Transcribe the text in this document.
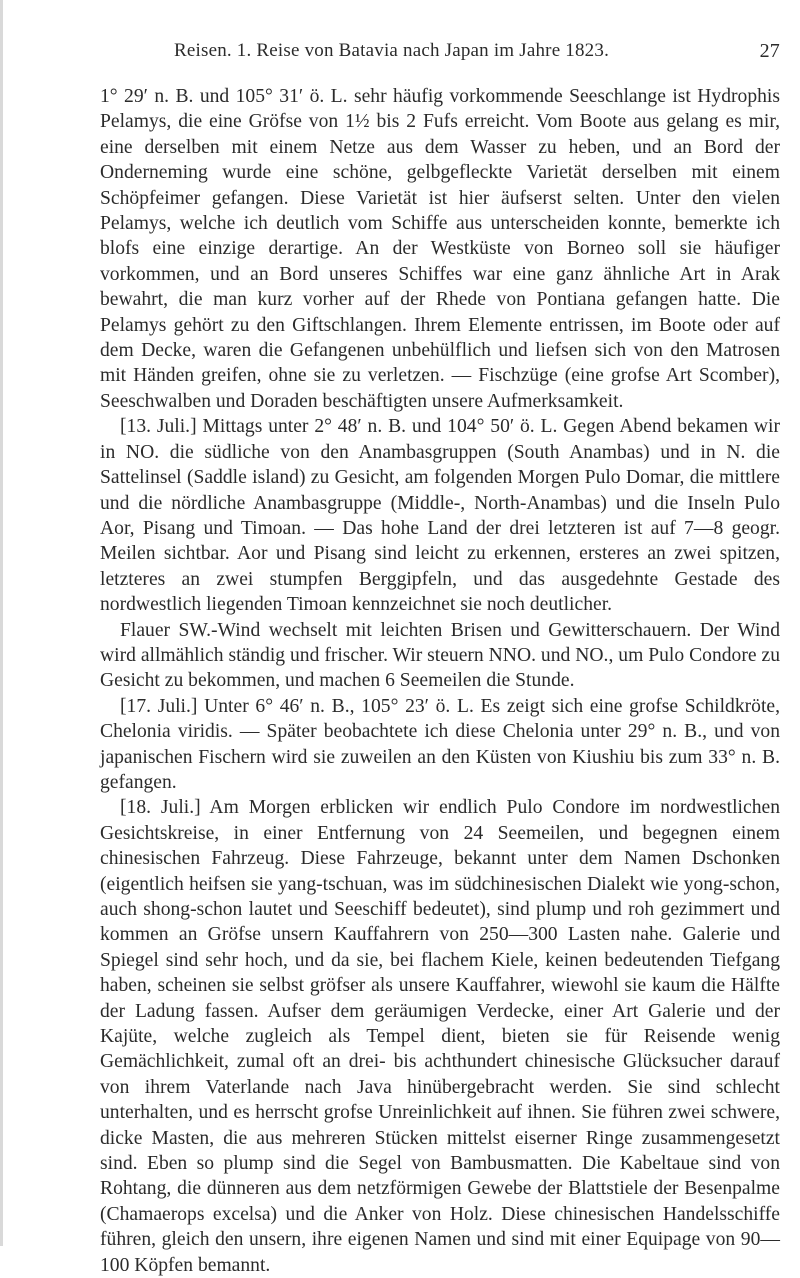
Reisen. 1. Reise von Batavia nach Japan im Jahre 1823.	27

1° 29′ n. B. und 105° 31′ ö. L. sehr häufig vorkommende Seeschlange ist Hydrophis Pelamys, die eine Gröfse von 1½ bis 2 Fufs erreicht. Vom Boote aus gelang es mir, eine derselben mit einem Netze aus dem Wasser zu heben, und an Bord der Onderneming wurde eine schöne, gelbgefleckte Varietät derselben mit einem Schöpfeimer gefangen. Diese Varietät ist hier äufserst selten. Unter den vielen Pelamys, welche ich deutlich vom Schiffe aus unterscheiden konnte, bemerkte ich blofs eine einzige derartige. An der Westküste von Borneo soll sie häufiger vorkommen, und an Bord unseres Schiffes war eine ganz ähnliche Art in Arak bewahrt, die man kurz vorher auf der Rhede von Pontiana gefangen hatte. Die Pelamys gehört zu den Giftschlangen. Ihrem Elemente entrissen, im Boote oder auf dem Decke, waren die Gefangenen unbehülflich und liefsen sich von den Matrosen mit Händen greifen, ohne sie zu verletzen. — Fischzüge (eine grofse Art Scomber), Seeschwalben und Doraden beschäftigten unsere Aufmerksamkeit.

[13. Juli.] Mittags unter 2° 48′ n. B. und 104° 50′ ö. L. Gegen Abend bekamen wir in NO. die südliche von den Anambasgruppen (South Anambas) und in N. die Sattelinsel (Saddle island) zu Gesicht, am folgenden Morgen Pulo Domar, die mittlere und die nördliche Anambasgruppe (Middle-, North-Anambas) und die Inseln Pulo Aor, Pisang und Timoan. — Das hohe Land der drei letzteren ist auf 7—8 geogr. Meilen sichtbar. Aor und Pisang sind leicht zu erkennen, ersteres an zwei spitzen, letzteres an zwei stumpfen Berggipfeln, und das ausgedehnte Gestade des nordwestlich liegenden Timoan kennzeichnet sie noch deutlicher.

Flauer SW.-Wind wechselt mit leichten Brisen und Gewitterschauern. Der Wind wird allmählich ständig und frischer. Wir steuern NNO. und NO., um Pulo Condore zu Gesicht zu bekommen, und machen 6 Seemeilen die Stunde.

[17. Juli.] Unter 6° 46′ n. B., 105° 23′ ö. L. Es zeigt sich eine grofse Schildkröte, Chelonia viridis. — Später beobachtete ich diese Chelonia unter 29° n. B., und von japanischen Fischern wird sie zuweilen an den Küsten von Kiushiu bis zum 33° n. B. gefangen.

[18. Juli.] Am Morgen erblicken wir endlich Pulo Condore im nordwestlichen Gesichtskreise, in einer Entfernung von 24 Seemeilen, und begegnen einem chinesischen Fahrzeug. Diese Fahrzeuge, bekannt unter dem Namen Dschonken (eigentlich heifsen sie yang-tschuan, was im südchinesischen Dialekt wie yong-schon, auch shong-schon lautet und Seeschiff bedeutet), sind plump und roh gezimmert und kommen an Gröfse unsern Kauffahrern von 250—300 Lasten nahe. Galerie und Spiegel sind sehr hoch, und da sie, bei flachem Kiele, keinen bedeutenden Tiefgang haben, scheinen sie selbst gröfser als unsere Kauffahrer, wiewohl sie kaum die Hälfte der Ladung fassen. Aufser dem geräumigen Verdecke, einer Art Galerie und der Kajüte, welche zugleich als Tempel dient, bieten sie für Reisende wenig Gemächlichkeit, zumal oft an drei- bis achthundert chinesische Glücksucher darauf von ihrem Vaterlande nach Java hinübergebracht werden. Sie sind schlecht unterhalten, und es herrscht grofse Unreinlichkeit auf ihnen. Sie führen zwei schwere, dicke Masten, die aus mehreren Stücken mittelst eiserner Ringe zusammengesetzt sind. Eben so plump sind die Segel von Bambusmatten. Die Kabeltaue sind von Rohtang, die dünneren aus dem netzförmigen Gewebe der Blattstiele der Besenpalme (Chamaerops excelsa) und die Anker von Holz. Diese chinesischen Handelsschiffe führen, gleich den unsern, ihre eigenen Namen und sind mit einer Equipage von 90—100 Köpfen bemannt.
